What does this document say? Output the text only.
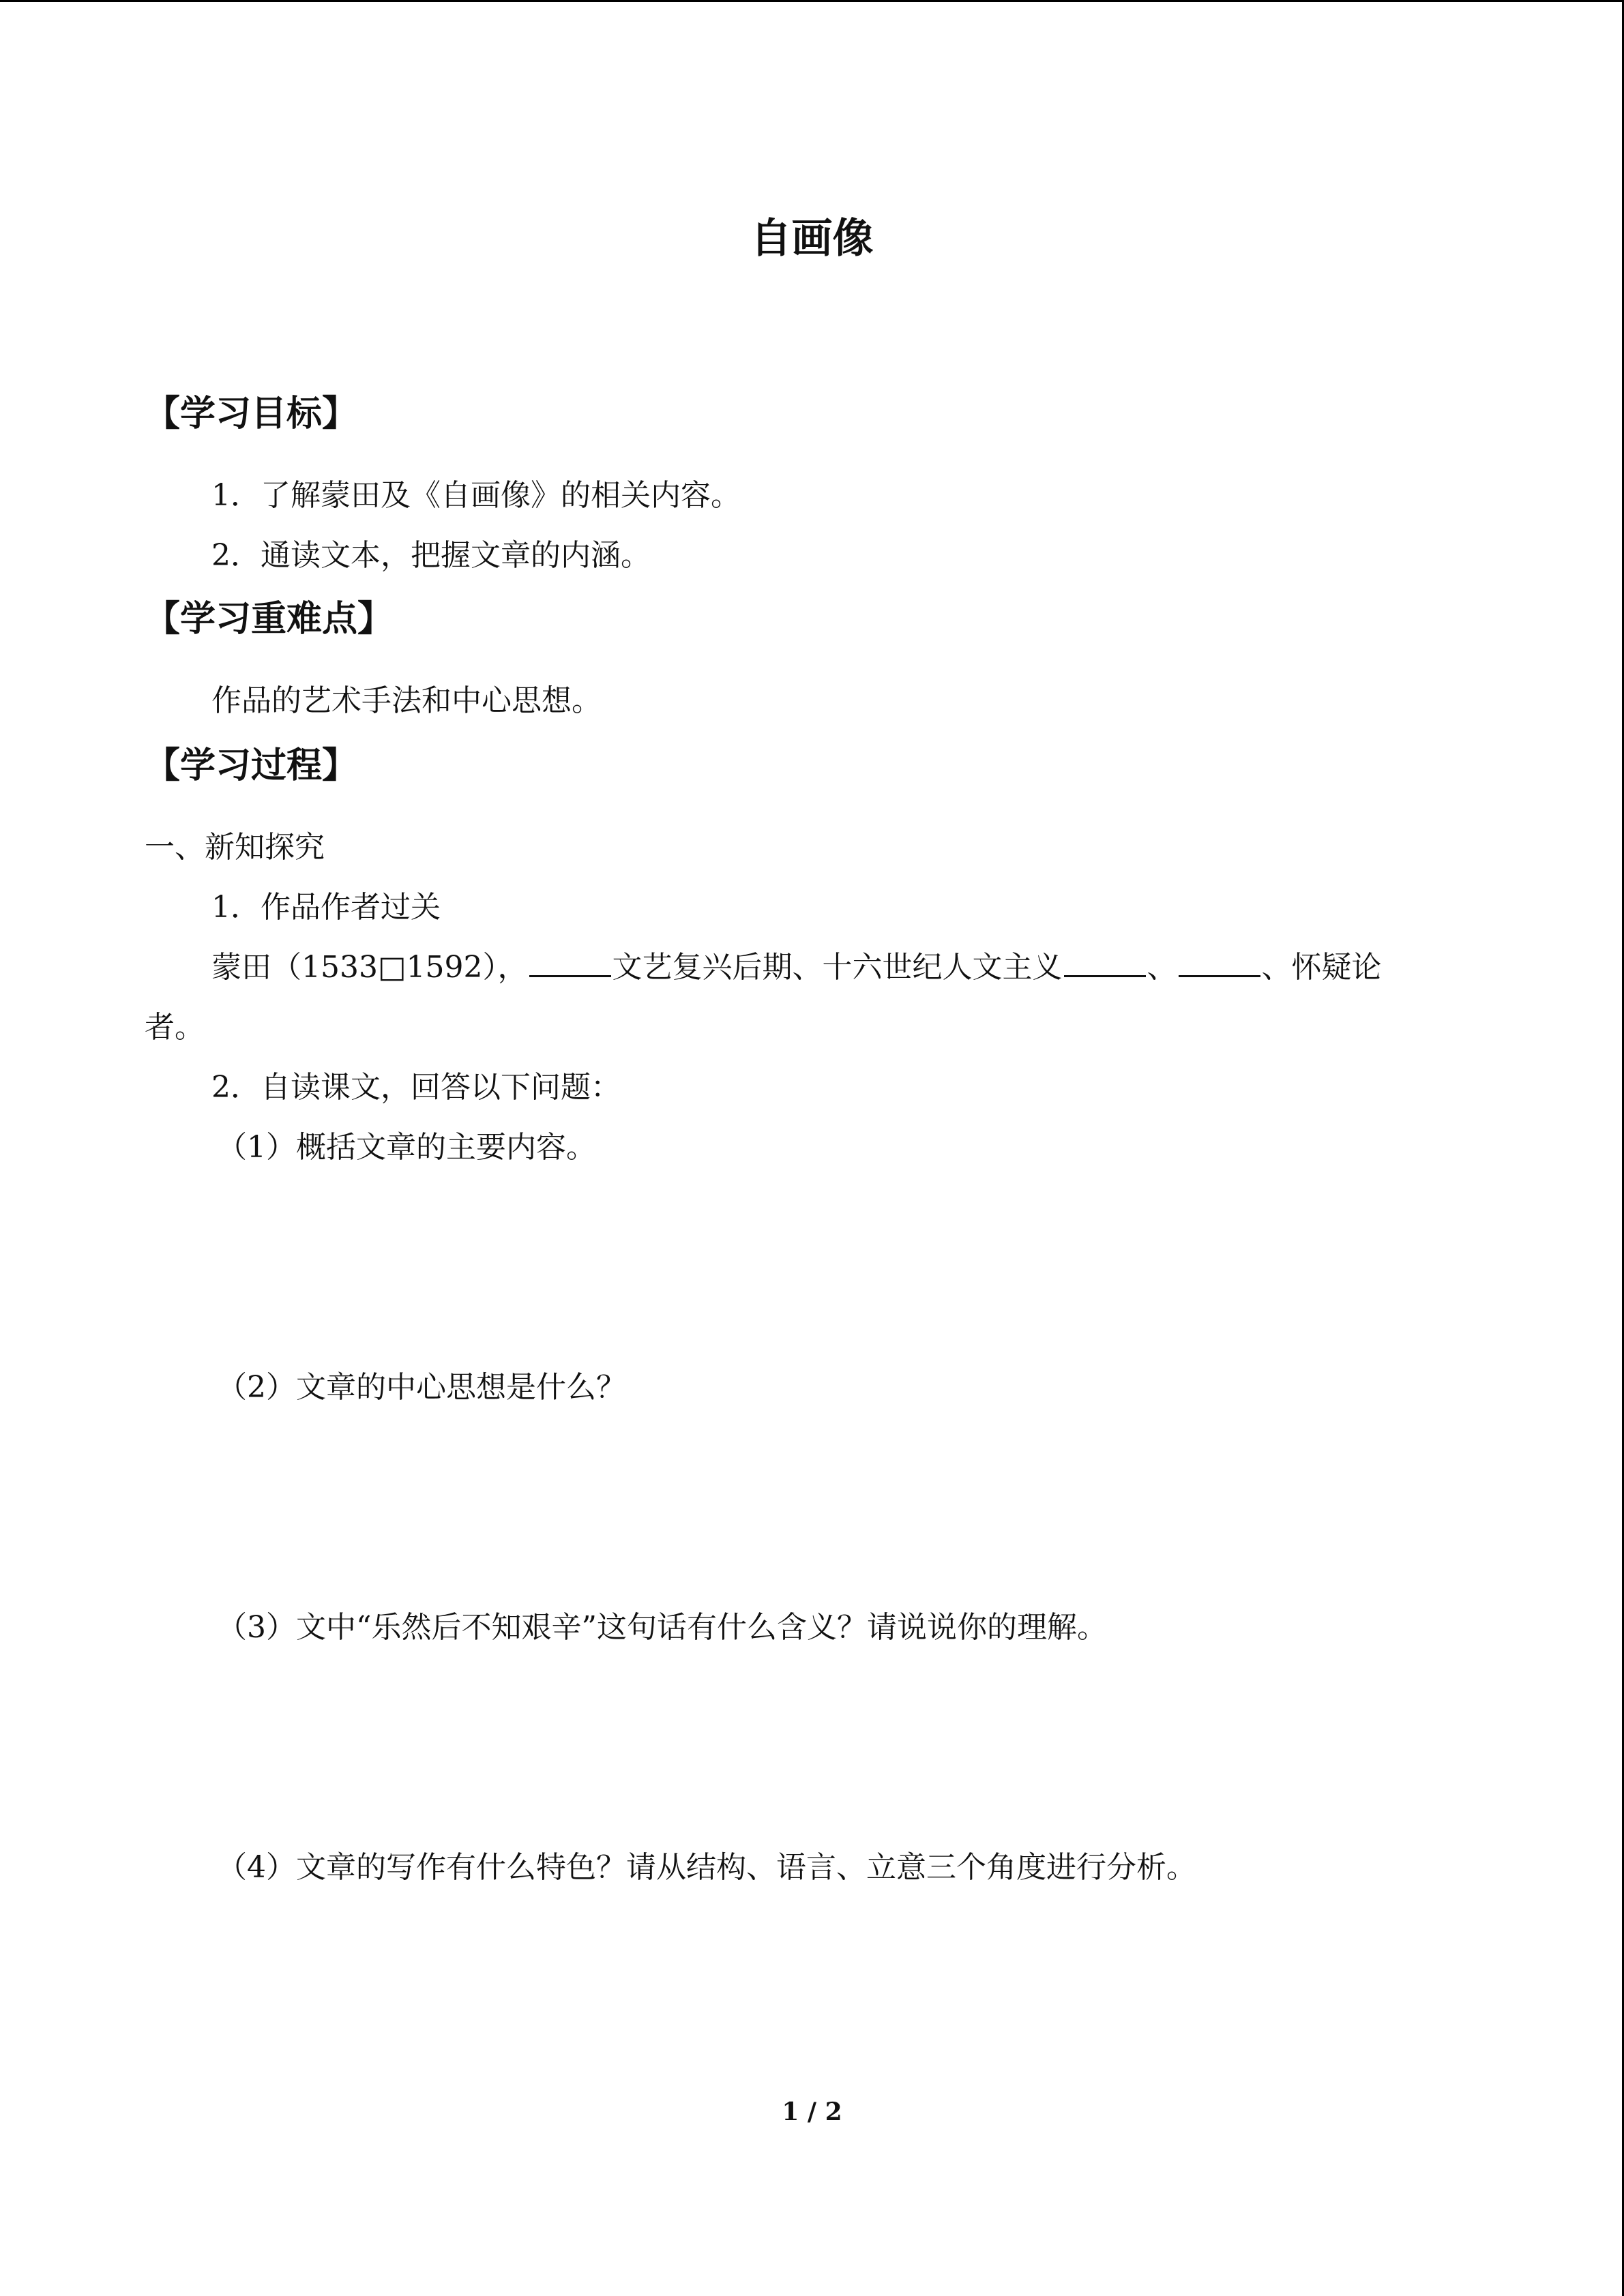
自画像
【学习目标】
1．了解蒙田及《自画像》的相关内容。
2．通读文本，把握文章的内涵。
【学习重难点】
作品的艺术手法和中心思想。
【学习过程】
一、新知探究
1．作品作者过关
蒙田（1533□1592），	文艺复兴后期、十六世纪人文主义	、	、怀疑论
者。
2．自读课文，回答以下问题：
（1）概括文章的主要内容。
（2）文章的中心思想是什么？
（3）文中“乐然后不知艰辛”这句话有什么含义？请说说你的理解。
（4）文章的写作有什么特色？请从结构、语言、立意三个角度进行分析。
1 / 2
